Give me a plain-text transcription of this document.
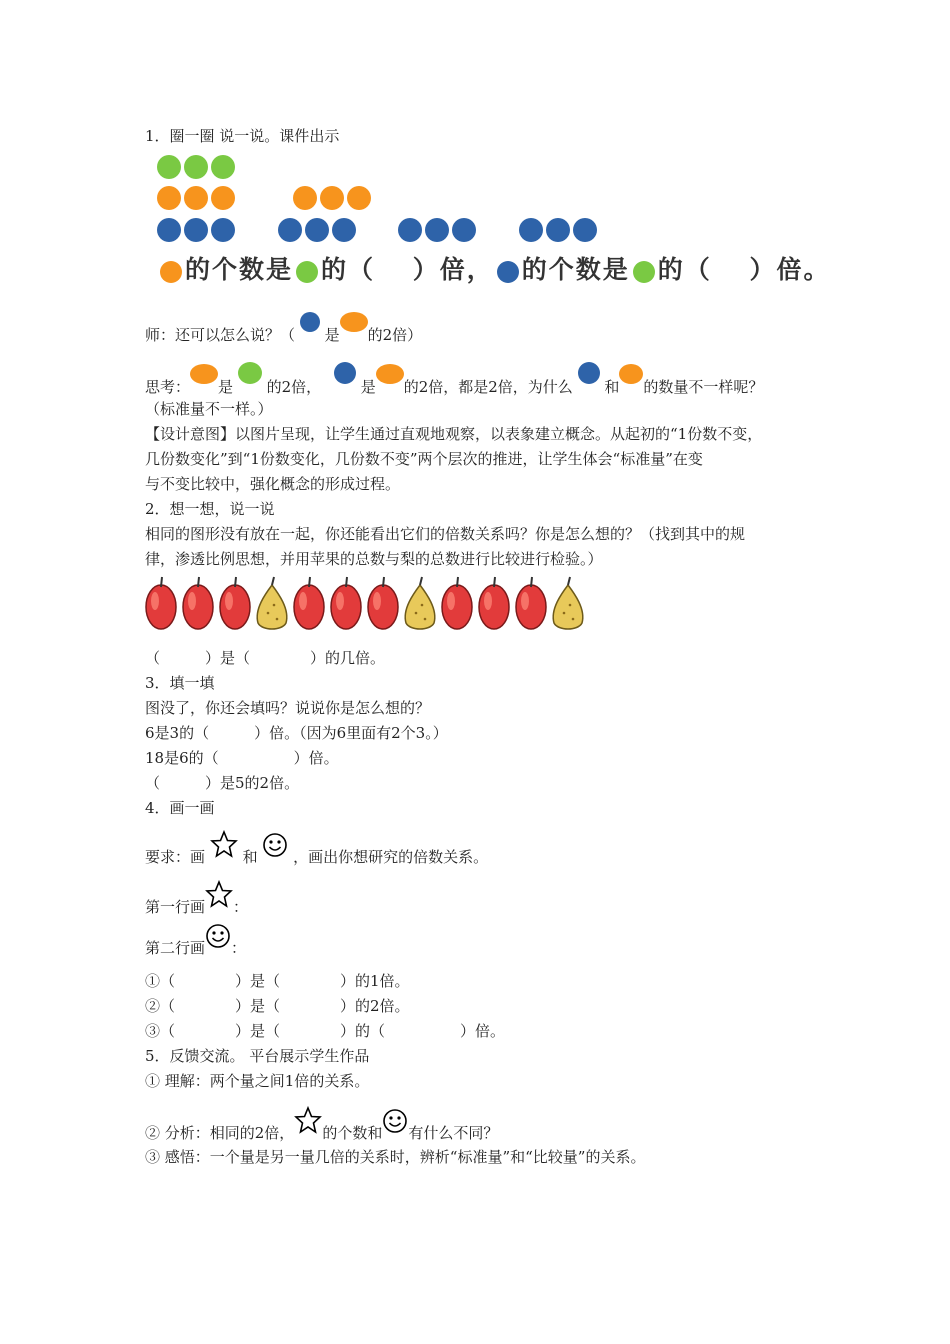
1．圈一圈 说一说。课件出示

的个数是 的（　 ）倍， 的个数是 的（　 ）倍。
师：还可以怎么说？（ 是 的2倍）
思考： 是 的2倍，	是 的2倍，都是2倍，为什么 和 的数量不一样呢？
（标准量不一样。）
【设计意图】以图片呈现，让学生通过直观地观察，以表象建立概念。从起初的“1份数不变，
几份数变化”到“1份数变化，几份数不变”两个层次的推进，让学生体会“标准量”在变
与不变比较中，强化概念的形成过程。
2．想一想，说一说
相同的图形没有放在一起，你还能看出它们的倍数关系吗？你是怎么想的？（找到其中的规
律，渗透比例思想，并用苹果的总数与梨的总数进行比较进行检验。）
（　　　）是（　　　　）的几倍。
3．填一填
图没了，你还会填吗？说说你是怎么想的？
6是3的（　　　）倍。（因为6里面有2个3。）
18是6的（　　　　　）倍。
（　　　）是5的2倍。
4．画一画
要求：画	和 ，画出你想研究的倍数关系。
第一行画 ：
第二行画 ：
①（　　　　）是（　　　　）的1倍。
②（　　　　）是（　　　　）的2倍。
③（　　　　）是（　　　　）的（　　　　　）倍。
5．反馈交流。 平台展示学生作品
① 理解：两个量之间1倍的关系。
② 分析：相同的2倍， 的个数和 有什么不同？
③ 感悟：一个量是另一量几倍的关系时，辨析“标准量”和“比较量”的关系。
